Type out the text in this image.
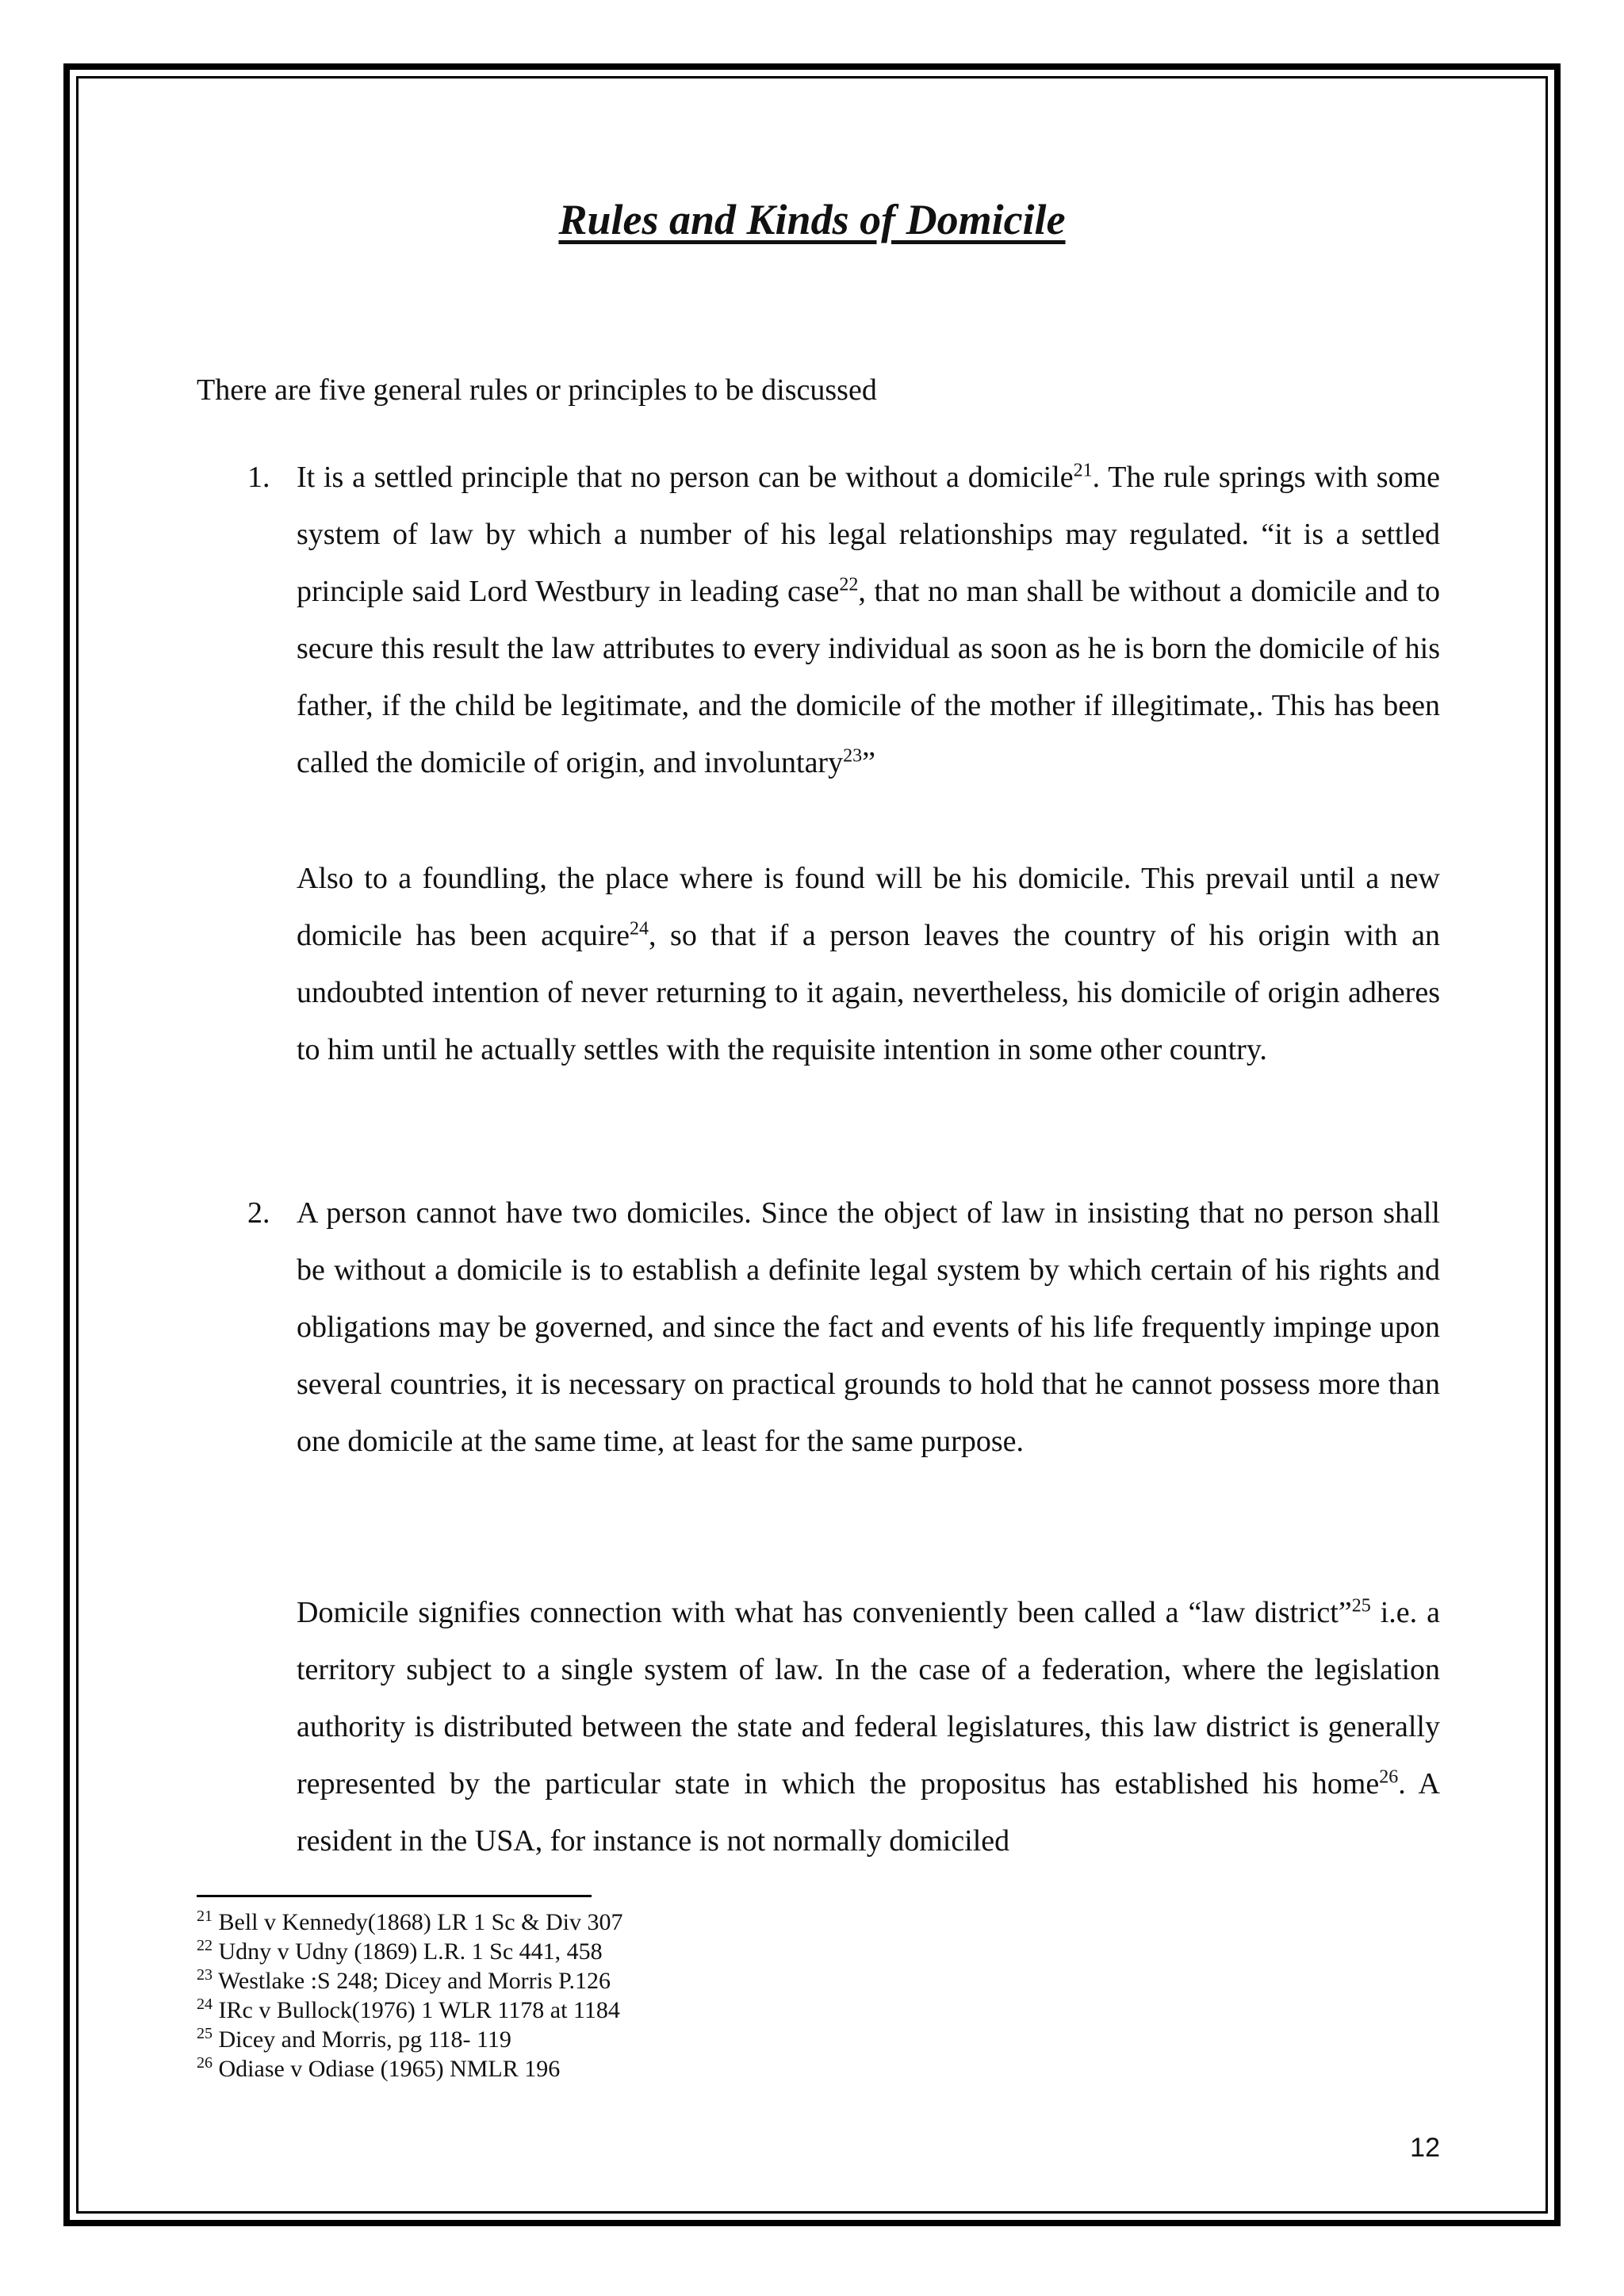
Rules and Kinds of Domicile

There are five general rules or principles to be discussed

1. It is a settled principle that no person can be without a domicile$^{21}$. The rule springs with some system of law by which a number of his legal relationships may regulated. “it is a settled principle said Lord Westbury in leading case$^{22}$, that no man shall be without a domicile and to secure this result the law attributes to every individual as soon as he is born the domicile of his father, if the child be legitimate, and the domicile of the mother if illegitimate,. This has been called the domicile of origin, and involuntary$^{23}$”

Also to a foundling, the place where is found will be his domicile. This prevail until a new domicile has been acquire$^{24}$, so that if a person leaves the country of his origin with an undoubted intention of never returning to it again, nevertheless, his domicile of origin adheres to him until he actually settles with the requisite intention in some other country.

2. A person cannot have two domiciles. Since the object of law in insisting that no person shall be without a domicile is to establish a definite legal system by which certain of his rights and obligations may be governed, and since the fact and events of his life frequently impinge upon several countries, it is necessary on practical grounds to hold that he cannot possess more than one domicile at the same time, at least for the same purpose.

Domicile signifies connection with what has conveniently been called a “law district”$^{25}$ i.e. a territory subject to a single system of law. In the case of a federation, where the legislation authority is distributed between the state and federal legislatures, this law district is generally represented by the particular state in which the propositus has established his home$^{26}$. A resident in the USA, for instance is not normally domiciled

$^{21}$ Bell v Kennedy(1868) LR 1 Sc & Div 307
$^{22}$ Udny v Udny (1869) L.R. 1 Sc 441, 458
$^{23}$ Westlake :S 248; Dicey and Morris P.126
$^{24}$ IRc v Bullock(1976) 1 WLR 1178 at 1184
$^{25}$ Dicey and Morris, pg 118- 119
$^{26}$ Odiase v Odiase (1965) NMLR 196
12
